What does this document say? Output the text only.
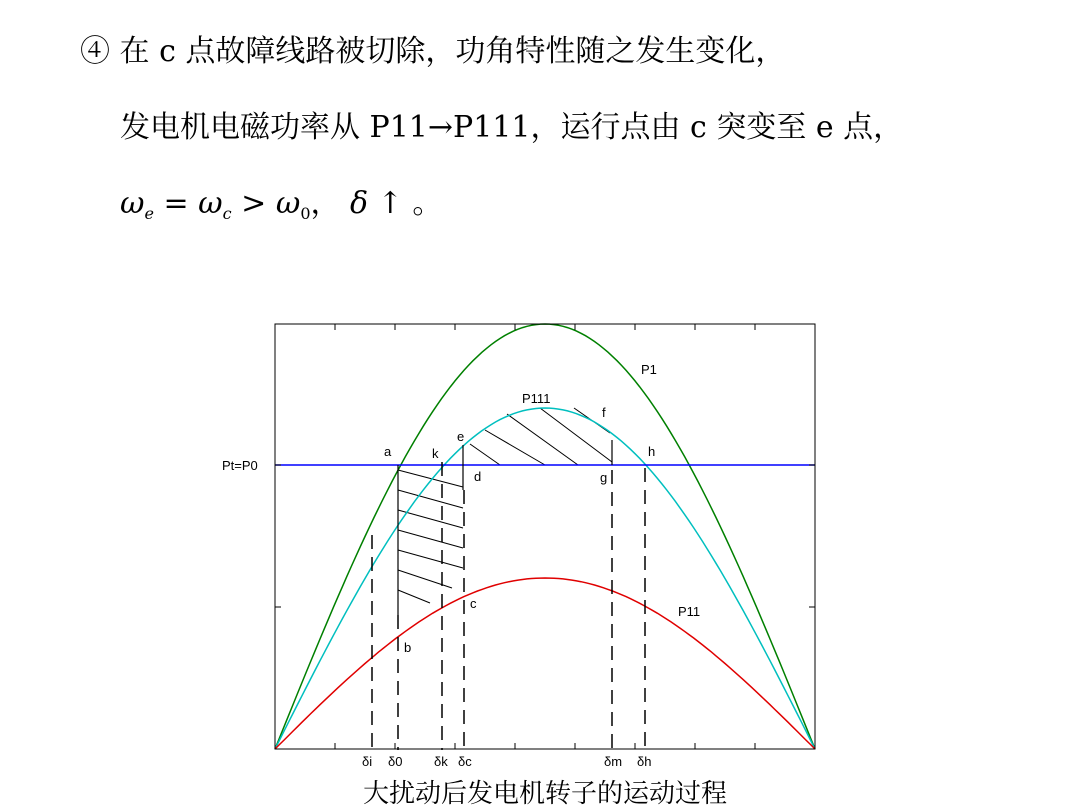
④ 在 c 点故障线路被切除，功角特性随之发生变化，
发电机电磁功率从 P11→P111，运行点由 c 突变至 e 点，
$\omega_e = \omega_c > \omega_0$， δ ↑ 。
P1
P111
P11
Pt=P0
a
b
c
d
e
f
g
h
k
δi δ0 δk δc	δm δh
大扰动后发电机转子的运动过程
